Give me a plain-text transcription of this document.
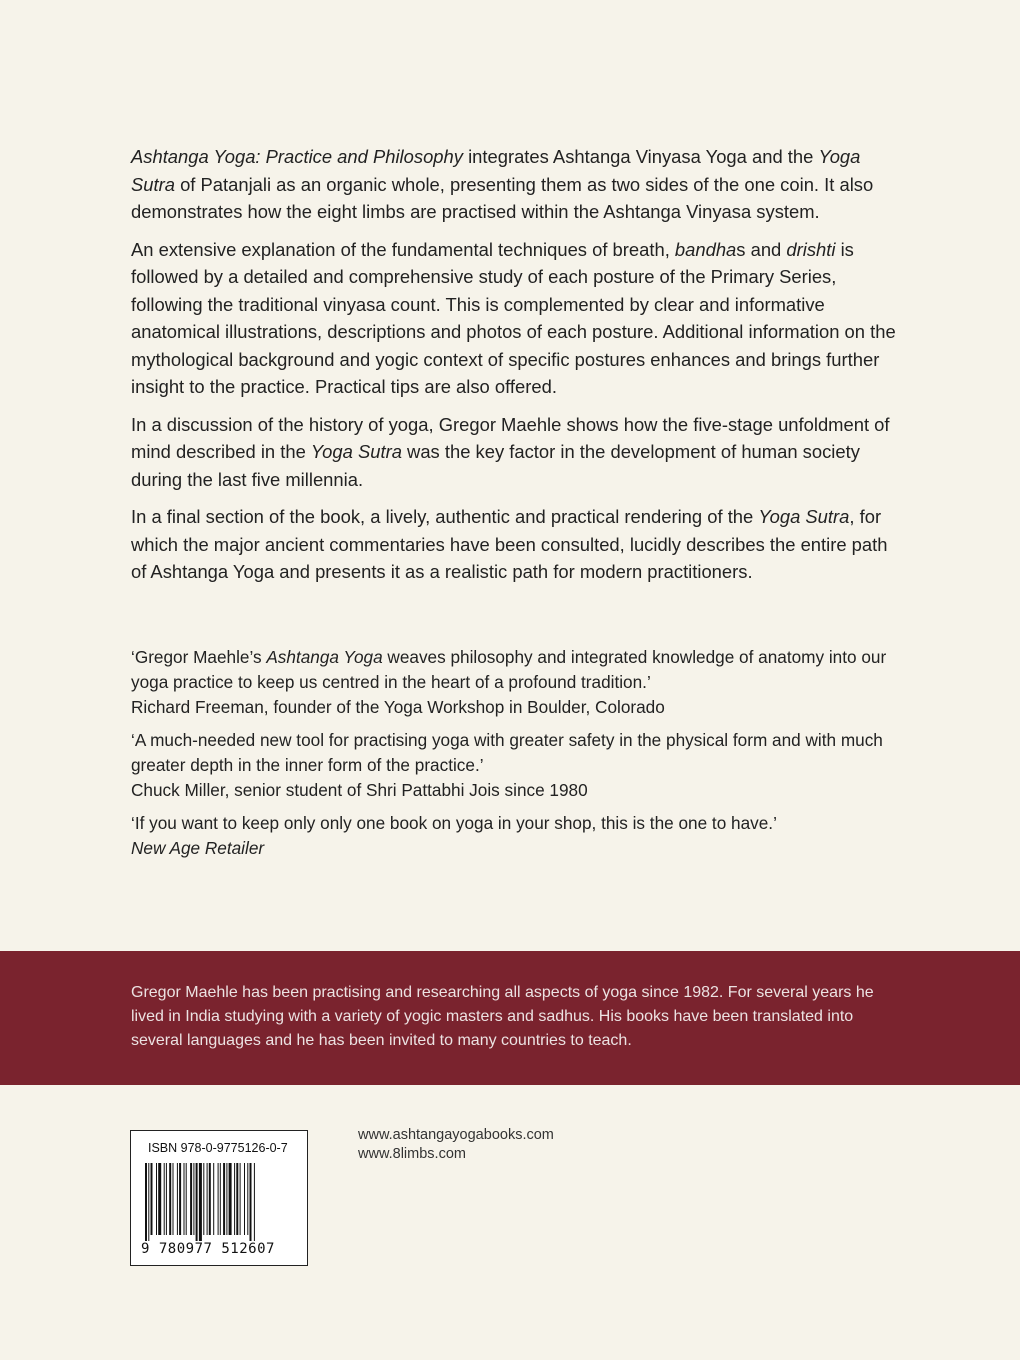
Ashtanga Yoga: Practice and Philosophy integrates Ashtanga Vinyasa Yoga and the Yoga Sutra of Patanjali as an organic whole, presenting them as two sides of the one coin. It also demonstrates how the eight limbs are practised within the Ashtanga Vinyasa system.

An extensive explanation of the fundamental techniques of breath, bandhas and drishti is followed by a detailed and comprehensive study of each posture of the Primary Series, following the traditional vinyasa count. This is complemented by clear and informative anatomical illustrations, descriptions and photos of each posture. Additional information on the mythological background and yogic context of specific postures enhances and brings further insight to the practice. Practical tips are also offered.

In a discussion of the history of yoga, Gregor Maehle shows how the five-stage unfoldment of mind described in the Yoga Sutra was the key factor in the development of human society during the last five millennia.

In a final section of the book, a lively, authentic and practical rendering of the Yoga Sutra, for which the major ancient commentaries have been consulted, lucidly describes the entire path of Ashtanga Yoga and presents it as a realistic path for modern practitioners.

‘Gregor Maehle’s Ashtanga Yoga weaves philosophy and integrated knowledge of anatomy into our yoga practice to keep us centred in the heart of a profound tradition.’
Richard Freeman, founder of the Yoga Workshop in Boulder, Colorado
‘A much-needed new tool for practising yoga with greater safety in the physical form and with much greater depth in the inner form of the practice.’
Chuck Miller, senior student of Shri Pattabhi Jois since 1980
‘If you want to keep only only one book on yoga in your shop, this is the one to have.’
New Age Retailer
Gregor Maehle has been practising and researching all aspects of yoga since 1982. For several years he lived in India studying with a variety of yogic masters and sadhus. His books have been translated into several languages and he has been invited to many countries to teach.
ISBN 978-0-9775126-0-7
9 780977 512607
www.ashtangayogabooks.com
www.8limbs.com
